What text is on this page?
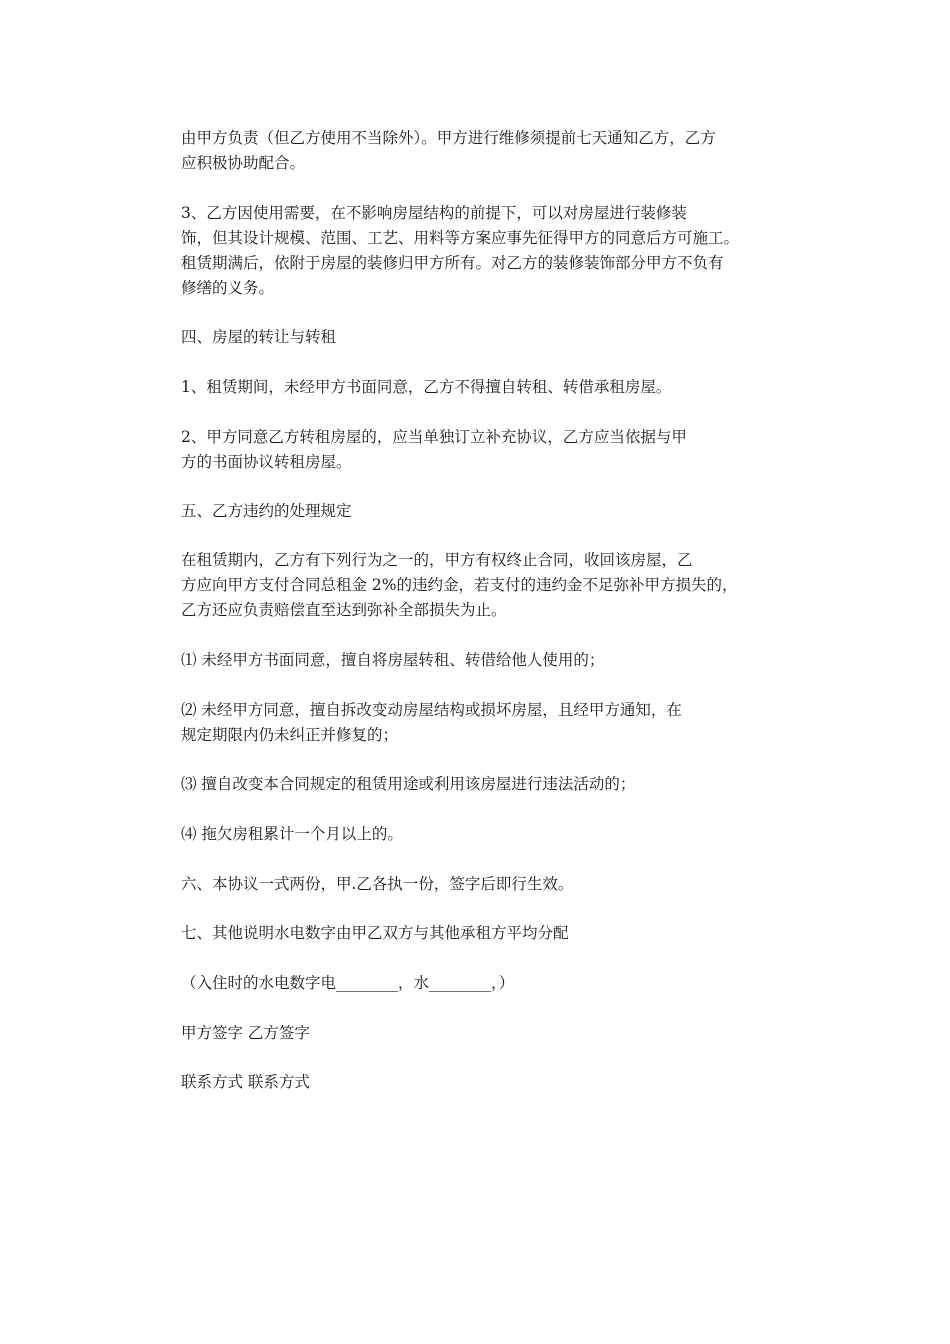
由甲方负责（但乙方使用不当除外）。甲方进行维修须提前七天通知乙方，乙方
应积极协助配合。
3、乙方因使用需要，在不影响房屋结构的前提下，可以对房屋进行装修装
饰，但其设计规模、范围、工艺、用料等方案应事先征得甲方的同意后方可施工。
租赁期满后，依附于房屋的装修归甲方所有。对乙方的装修装饰部分甲方不负有
修缮的义务。
四、房屋的转让与转租
1、租赁期间，未经甲方书面同意，乙方不得擅自转租、转借承租房屋。
2、甲方同意乙方转租房屋的，应当单独订立补充协议，乙方应当依据与甲
方的书面协议转租房屋。
五、乙方违约的处理规定
在租赁期内，乙方有下列行为之一的，甲方有权终止合同，收回该房屋，乙
方应向甲方支付合同总租金 2%的违约金，若支付的违约金不足弥补甲方损失的，
乙方还应负责赔偿直至达到弥补全部损失为止。
⑴ 未经甲方书面同意，擅自将房屋转租、转借给他人使用的；
⑵ 未经甲方同意，擅自拆改变动房屋结构或损坏房屋，且经甲方通知，在
规定期限内仍未纠正并修复的；
⑶ 擅自改变本合同规定的租赁用途或利用该房屋进行违法活动的；
⑷ 拖欠房租累计一个月以上的。
六、本协议一式两份，甲.乙各执一份，签字后即行生效。
七、其他说明水电数字由甲乙双方与其他承租方平均分配
（入住时的水电数字电________，水________，）
甲方签字 乙方签字
联系方式 联系方式
